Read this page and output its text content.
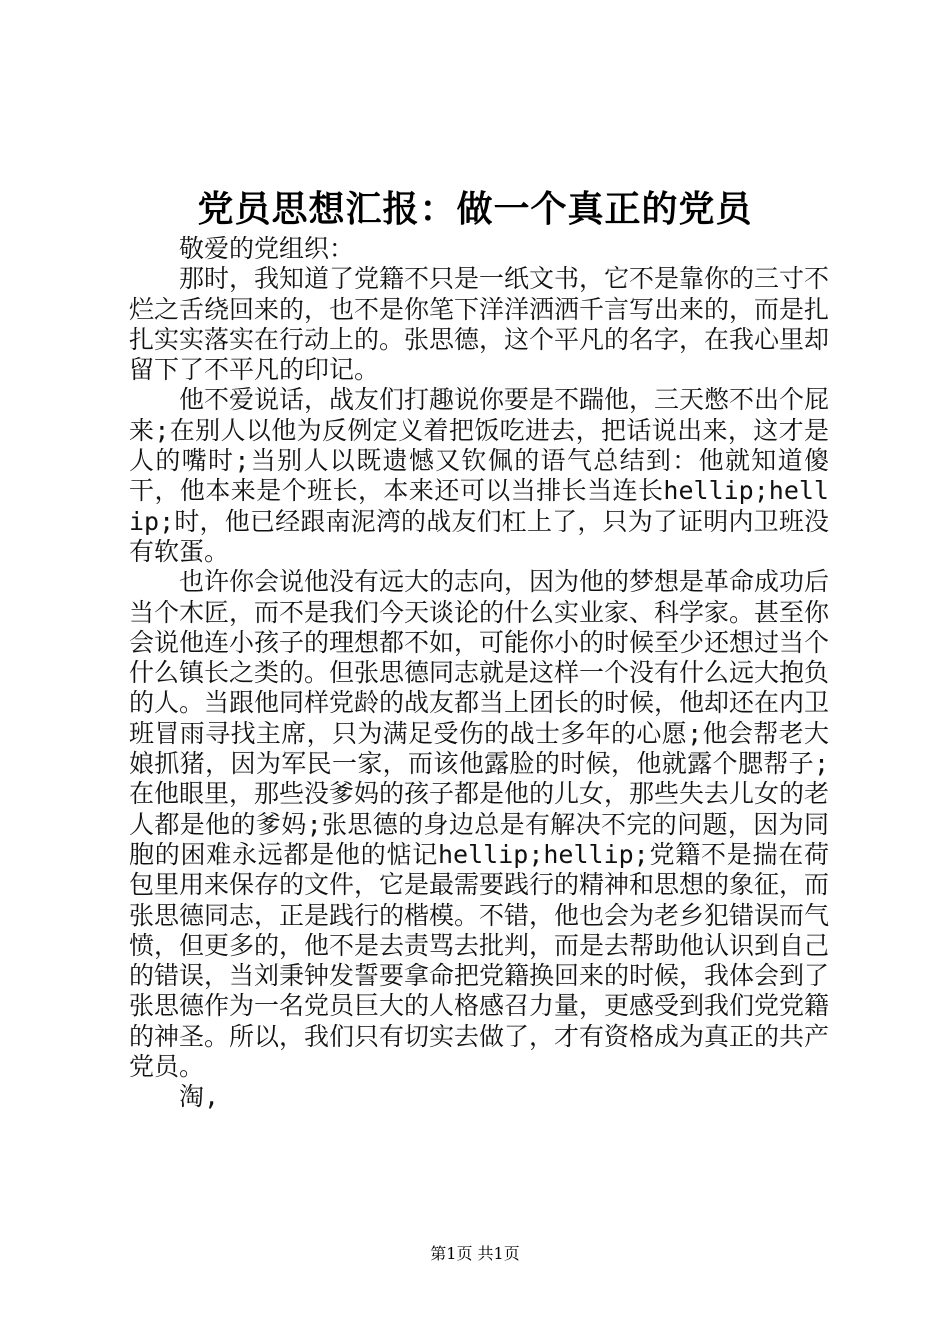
党员思想汇报：做一个真正的党员

敬爱的党组织：

那时，我知道了党籍不只是一纸文书，它不是靠你的三寸不烂之舌绕回来的，也不是你笔下洋洋洒洒千言写出来的，而是扎扎实实落实在行动上的。张思德，这个平凡的名字，在我心里却留下了不平凡的印记。

他不爱说话，战友们打趣说你要是不踹他，三天憋不出个屁来;在别人以他为反例定义着把饭吃进去，把话说出来，这才是人的嘴时;当别人以既遗憾又钦佩的语气总结到：他就知道傻干，他本来是个班长，本来还可以当排长当连长hellip;hellip;时，他已经跟南泥湾的战友们杠上了，只为了证明内卫班没有软蛋。

也许你会说他没有远大的志向，因为他的梦想是革命成功后当个木匠，而不是我们今天谈论的什么实业家、科学家。甚至你会说他连小孩子的理想都不如，可能你小的时候至少还想过当个什么镇长之类的。但张思德同志就是这样一个没有什么远大抱负的人。当跟他同样党龄的战友都当上团长的时候，他却还在内卫班冒雨寻找主席，只为满足受伤的战士多年的心愿;他会帮老大娘抓猪，因为军民一家，而该他露脸的时候，他就露个腮帮子;在他眼里，那些没爹妈的孩子都是他的儿女，那些失去儿女的老人都是他的爹妈;张思德的身边总是有解决不完的问题，因为同胞的困难永远都是他的惦记hellip;hellip;党籍不是揣在荷包里用来保存的文件，它是最需要践行的精神和思想的象征，而张思德同志，正是践行的楷模。不错，他也会为老乡犯错误而气愤，但更多的，他不是去责骂去批判，而是去帮助他认识到自己的错误，当刘秉钟发誓要拿命把党籍换回来的时候，我体会到了张思德作为一名党员巨大的人格感召力量，更感受到我们党党籍的神圣。所以，我们只有切实去做了，才有资格成为真正的共产党员。

淘,

第1页 共1页
